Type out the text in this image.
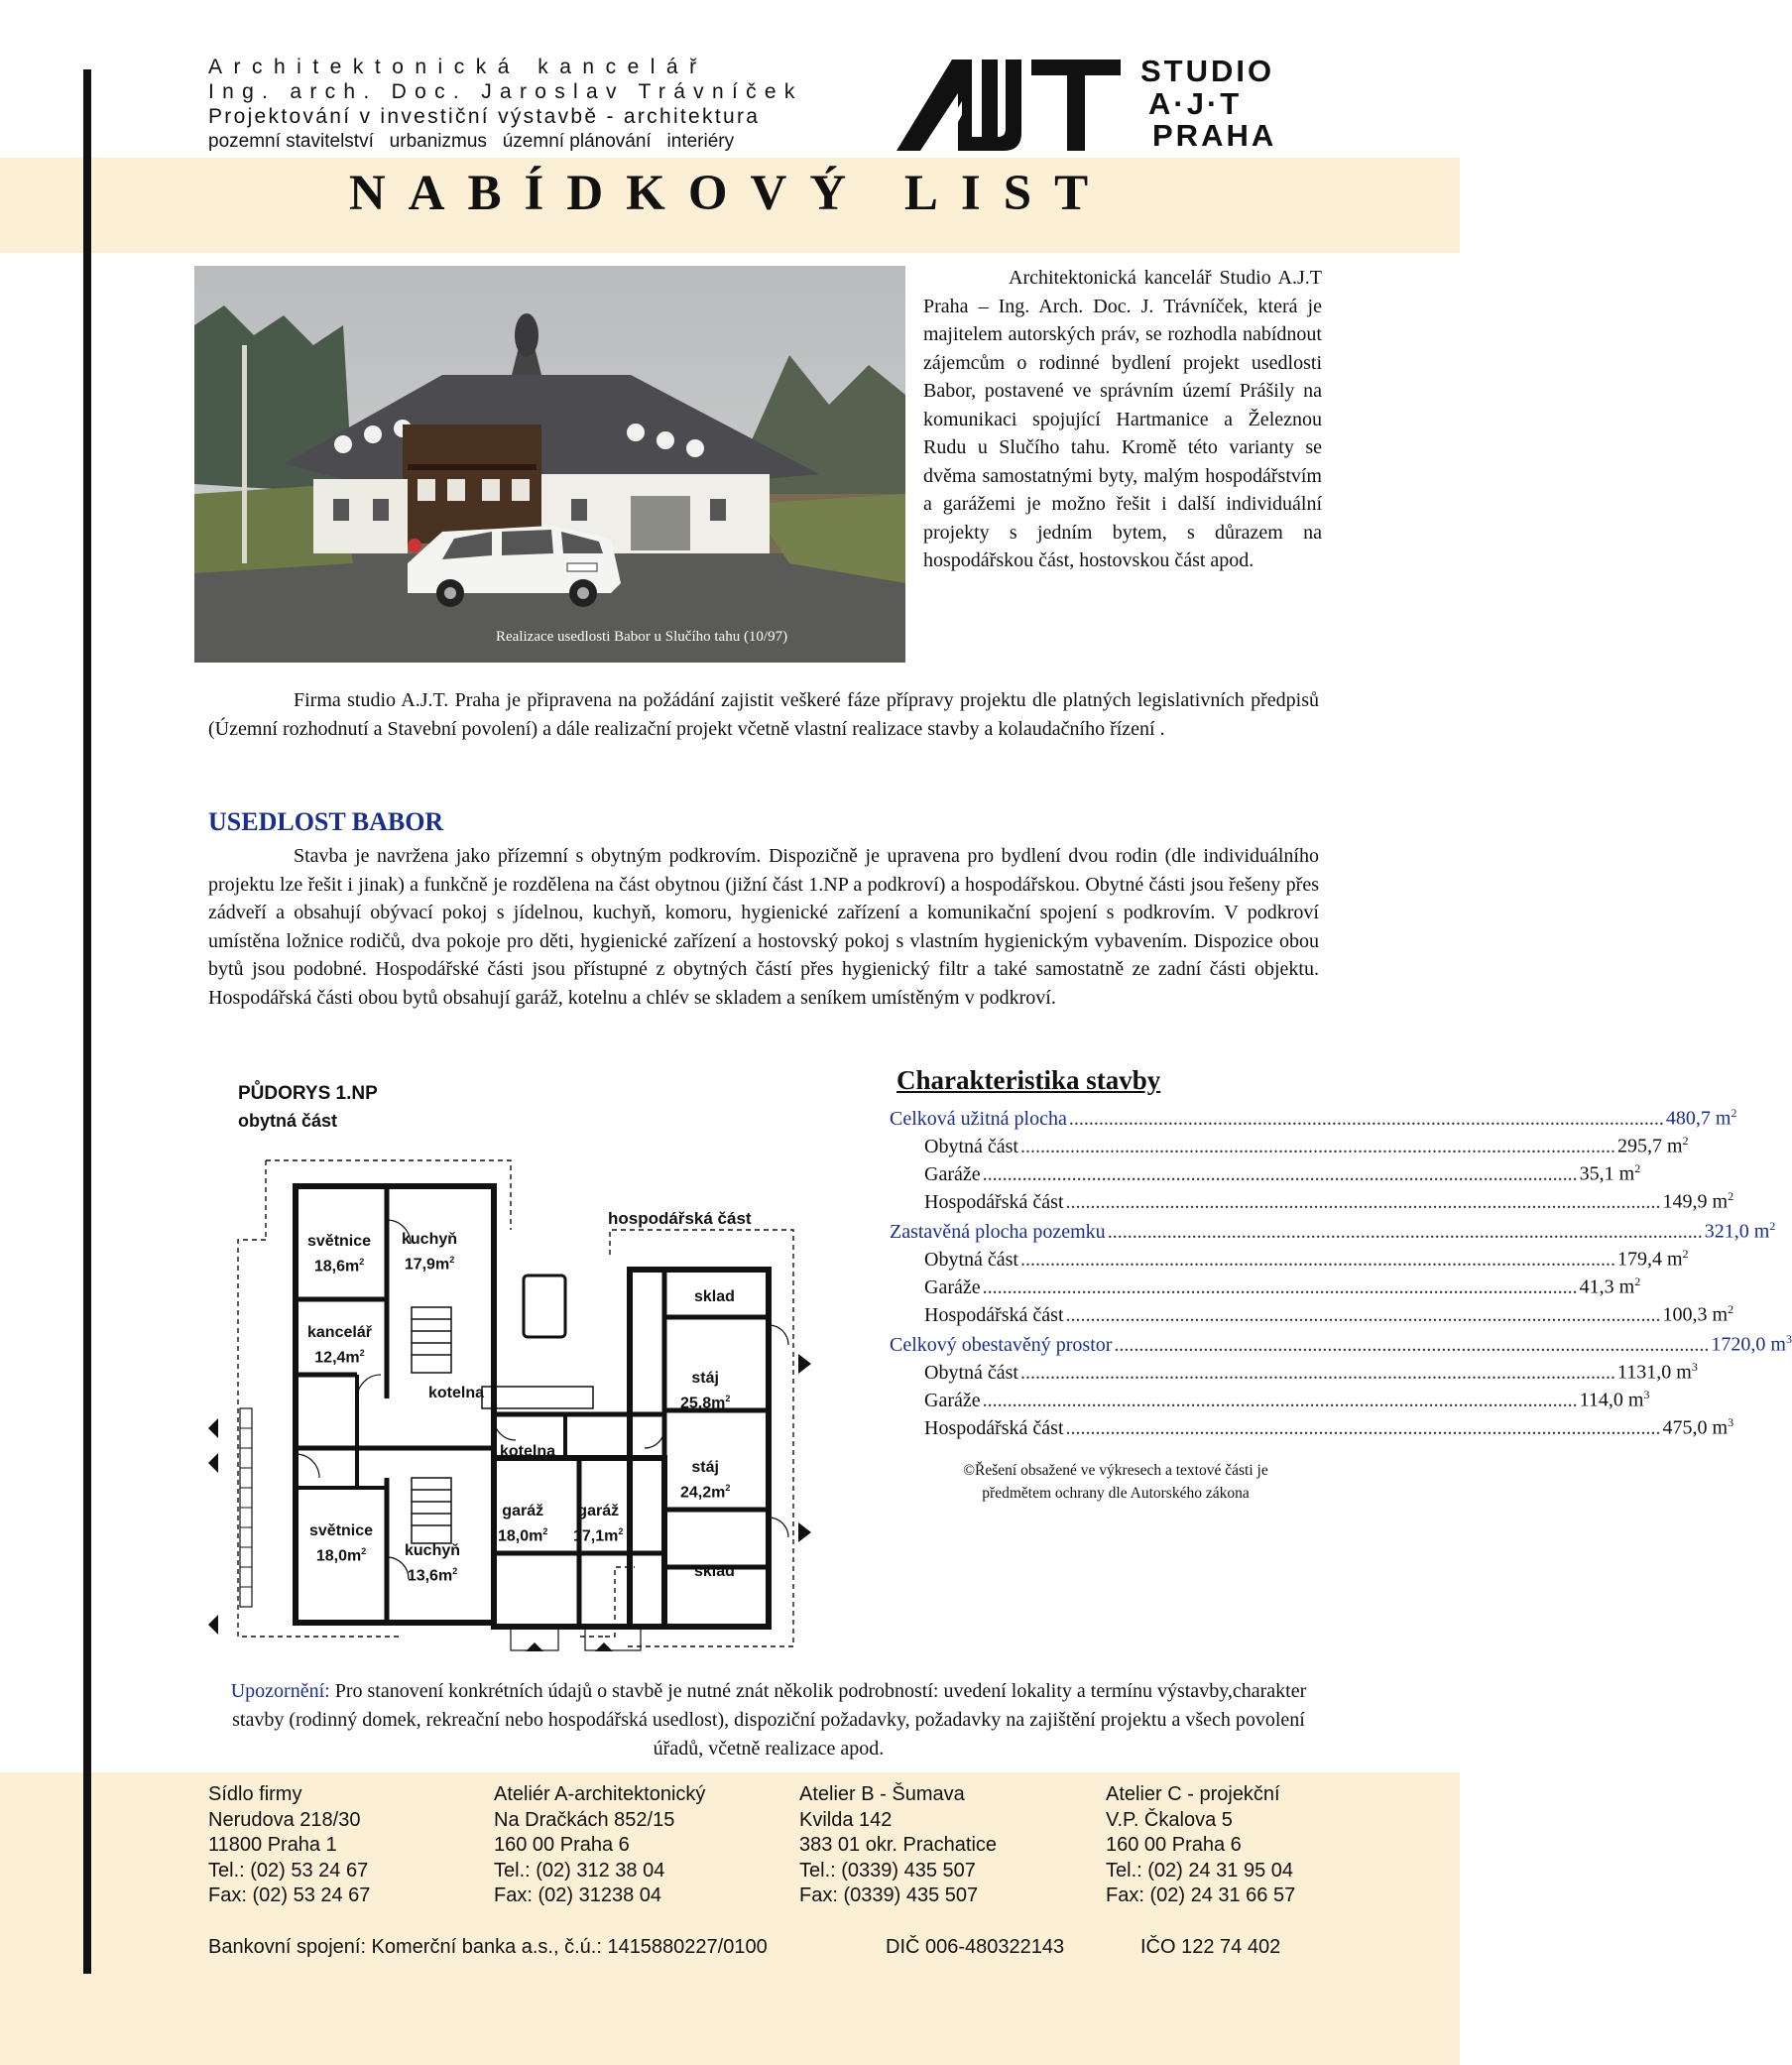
Architektonická kancelář
Ing. arch. Doc. Jaroslav Trávníček
Projektování v investiční výstavbě - architektura
pozemní stavitelství   urbanizmus   územní plánování   interiéry
STUDIO
A·J·T
PRAHA
NABÍDKOVÝ LIST
Realizace usedlosti Babor u Slučího tahu (10/97)
Architektonická kancelář Studio A.J.T Praha – Ing. Arch. Doc. J. Trávníček, která je majitelem autorských práv, se rozhodla nabídnout zájemcům o rodinné bydlení projekt usedlosti Babor, postavené ve správním území Prášily na komunikaci spojující Hartmanice a Železnou Rudu u Slučího tahu. Kromě této varianty se dvěma samostatnými byty, malým hospodářstvím a garážemi je možno řešit i další individuální projekty s jedním bytem, s důrazem na hospodářskou část, hostovskou část apod.
Firma studio A.J.T. Praha je připravena na požádání zajistit veškeré fáze přípravy projektu dle platných legislativních předpisů (Územní rozhodnutí a Stavební povolení) a dále realizační projekt včetně vlastní realizace stavby a kolaudačního řízení .
USEDLOST BABOR
Stavba je navržena jako přízemní s obytným podkrovím. Dispozičně je upravena pro bydlení dvou rodin (dle individuálního projektu lze řešit i jinak) a funkčně je rozdělena na část obytnou (jižní část 1.NP a podkroví) a hospodářskou. Obytné části jsou řešeny přes zádveří a obsahují obývací pokoj s jídelnou, kuchyň, komoru, hygienické zařízení a komunikační spojení s podkrovím. V podkroví umístěna ložnice rodičů, dva pokoje pro děti, hygienické zařízení a hostovský pokoj s vlastním hygienickým vybavením. Dispozice obou bytů jsou podobné. Hospodářské části jsou přístupné z obytných částí přes hygienický filtr a také samostatně ze zadní části objektu. Hospodářská části obou bytů obsahují garáž, kotelnu a chlév se skladem a seníkem umístěným v podkroví.
PŮDORYS 1.NP
obytná část
hospodářská část
světnice
$18,6m^2$
kuchyň
$17,9m^2$
kancelář
$12,4m^2$
kotelna
kotelna
světnice
$18,0m^2$	kuchyň
$13,6m^2$
garáž
$18,0m^2$
garáž
$17,1m^2$
sklad
stáj
$25,8m^2$
stáj
$24,2m^2$
sklad
Charakteristika stavby
Celková užitná plocha ........................................................................................................................ 480,7 $m^2$
Obytná část ........................................................................................................................ 295,7 $m^2$
Garáže ........................................................................................................................ 35,1 $m^2$
Hospodářská část ........................................................................................................................ 149,9 $m^2$
Zastavěná plocha pozemku ........................................................................................................................ 321,0 $m^2$
Obytná část ........................................................................................................................ 179,4 $m^2$
Garáže ........................................................................................................................ 41,3 $m^2$
Hospodářská část ........................................................................................................................ 100,3 $m^2$
Celkový obestavěný prostor ........................................................................................................................ 1720,0 $m^3$
Obytná část ........................................................................................................................ 1131,0 $m^3$
Garáže ........................................................................................................................ 114,0 $m^3$
Hospodářská část ........................................................................................................................ 475,0 $m^3$
©Řešení obsažené ve výkresech a textové části je
předmětem ochrany dle Autorského zákona
Upozornění: Pro stanovení konkrétních údajů o stavbě je nutné znát několik podrobností: uvedení lokality a termínu výstavby,charakter stavby (rodinný domek, rekreační nebo hospodářská usedlost), dispoziční požadavky, požadavky na zajištění projektu a všech povolení úřadů, včetně realizace apod.
Sídlo firmy
Nerudova 218/30
11800 Praha 1
Tel.: (02) 53 24 67
Fax: (02) 53 24 67
Ateliér A-architektonický
Na Dračkách 852/15
160 00 Praha 6
Tel.: (02) 312 38 04
Fax: (02) 31238 04
Atelier B - Šumava
Kvilda 142
383 01 okr. Prachatice
Tel.: (0339) 435 507
Fax: (0339) 435 507
Atelier C - projekční
V.P. Čkalova 5
160 00 Praha 6
Tel.: (02) 24 31 95 04
Fax: (02) 24 31 66 57
Bankovní spojení: Komerční banka a.s., č.ú.: 1415880227/0100	DIČ 006-480322143	IČO 122 74 402
